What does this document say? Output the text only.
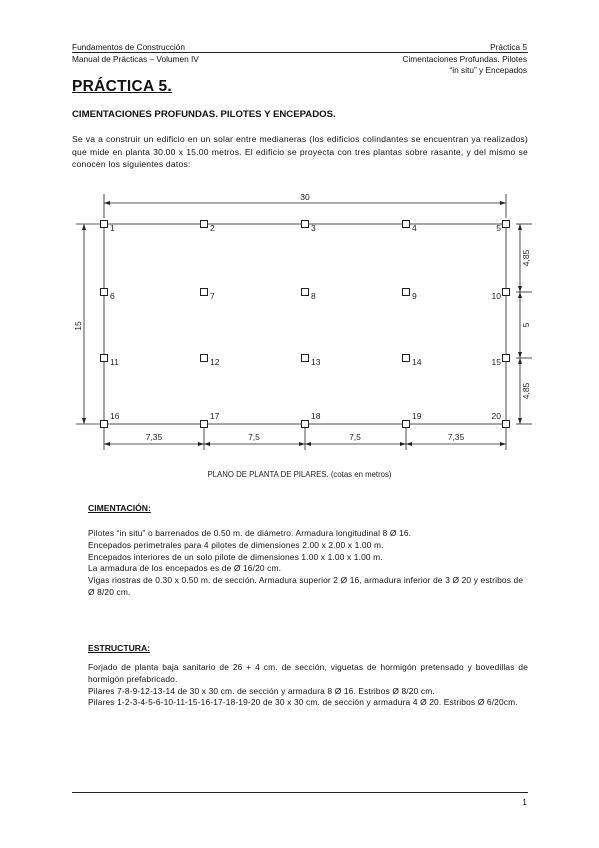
Fundamentos de Construcción	Práctica 5
Manual de Prácticas – Volumen IV	Cimentaciones Profundas. Pilotes
“in situ” y Encepados
PRÁCTICA 5.
CIMENTACIONES PROFUNDAS. PILOTES Y ENCEPADOS.
Se va a construir un edificio en un solar entre medianeras (los edificios colindantes se encuentran ya realizados) que mide en planta 30.00 x 15.00 metros. El edificio se proyecta con tres plantas sobre rasante, y del mismo se conocen los siguientes datos:
30
15
4,85
5
4,85
7,35	7,5	7,5	7,35
1	2	3	4	5
6	7	8	9	10
11	12	13	14	15
16	17	18	19	20
PLANO DE PLANTA DE PILARES. (cotas en metros)
CIMENTACIÓN:

Pilotes “in situ” o barrenados de 0.50 m. de diámetro. Armadura longitudinal 8 Ø 16.

Encepados perimetrales para 4 pilotes de dimensiones 2.00 x 2.00 x 1.00 m.

Encepados interiores de un solo pilote de dimensiones 1.00 x 1.00 x 1.00 m.

La armadura de los encepados es de Ø 16/20 cm.

Vigas riostras de 0.30 x 0.50 m. de sección. Armadura superior 2 Ø 16, armadura inferior de 3 Ø 20 y estribos de Ø 8/20 cm.

ESTRUCTURA:

Forjado de planta baja sanitario de 26 + 4 cm. de sección, viguetas de hormigón pretensado y bovedillas de hormigón prefabricado.

Pilares 7-8-9-12-13-14 de 30 x 30 cm. de sección y armadura 8 Ø 16. Estribos Ø 8/20 cm.

Pilares 1-2-3-4-5-6-10-11-15-16-17-18-19-20 de 30 x 30 cm. de sección y armadura 4 Ø 20. Estribos Ø 6/20cm.

1
